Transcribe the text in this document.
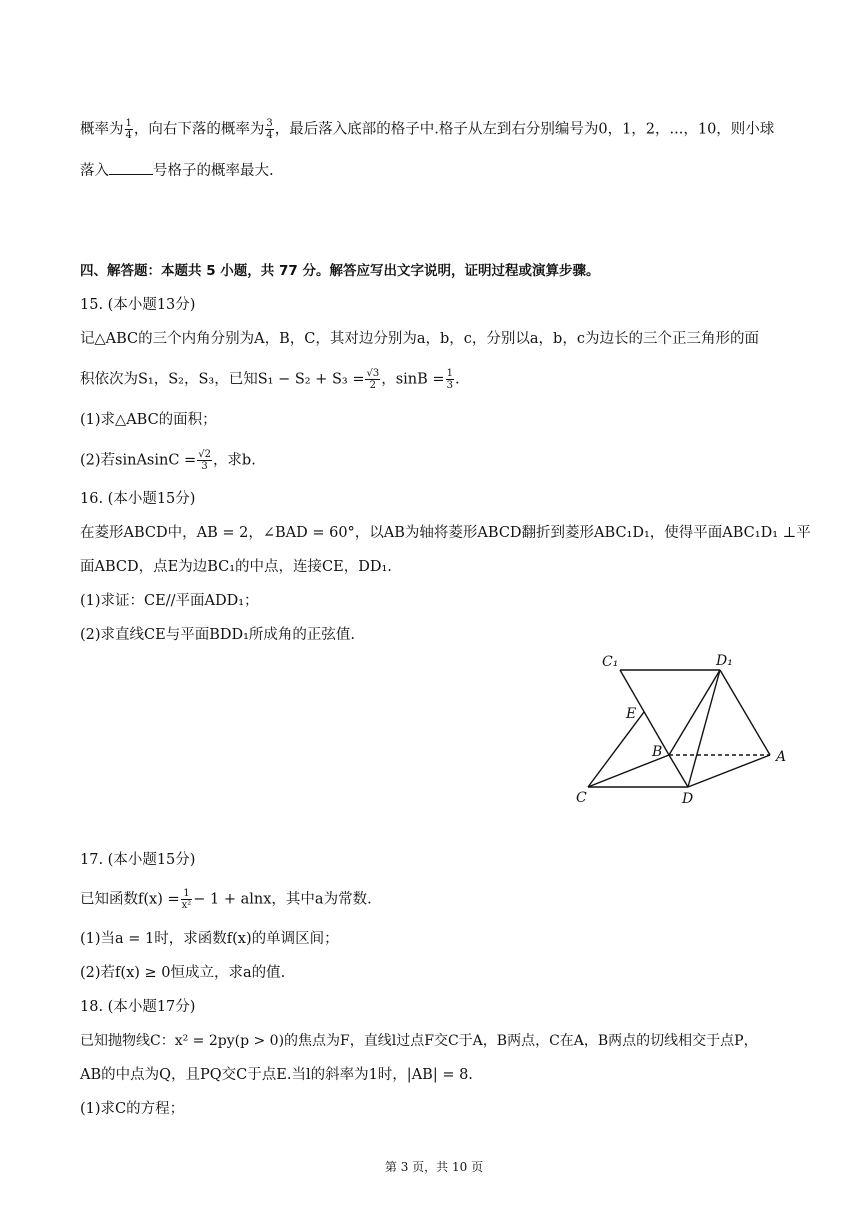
概率为 $\frac{1}{4}$ ，向右下落的概率为 $\frac{3}{4}$ ，最后落入底部的格子中.格子从左到右分别编号为0，1，2，...，10，则小球
落入	号格子的概率最大.
四、解答题：本题共 5 小题，共 77 分。解答应写出文字说明，证明过程或演算步骤。
15. (本小题13分)
记△ABC的三个内角分别为A，B，C，其对边分别为a，b，c，分别以a，b，c为边长的三个正三角形的面
积依次为S₁，S₂，S₃，已知$S_1 - S_2 + S_3 = \frac{√3}{2}$ ，$\sin B = \frac{1}{3}$ .
(1)求△ABC的面积；
(2)若sinAsinC = $\frac{√2}{3}$ ，求b.
16. (本小题15分)
在菱形ABCD中，AB = 2，∠BAD = 60°，以AB为轴将菱形ABCD翻折到菱形ABC₁D₁，使得平面ABC₁D₁ ⊥平
面ABCD，点E为边BC₁的中点，连接CE，DD₁.
(1)求证：CE//平面ADD₁；
(2)求直线CE与平面BDD₁所成角的正弦值.
C₁	D₁
E
B	A
C	D
17. (本小题15分)
已知函数$f(x) = \frac{1}{\text{x²}} - 1 + alnx$，其中a为常数.
(1)当a = 1时，求函数f(x)的单调区间；
(2)若f(x) ≥ 0恒成立，求a的值.
18. (本小题17分)
已知抛物线C：x² = 2py(p > 0)的焦点为F，直线l过点F交C于A，B两点，C在A，B两点的切线相交于点P，
AB的中点为Q，且PQ交C于点E.当l的斜率为1时，|AB| = 8.
(1)求C的方程；
第 3 页，共 10 页
